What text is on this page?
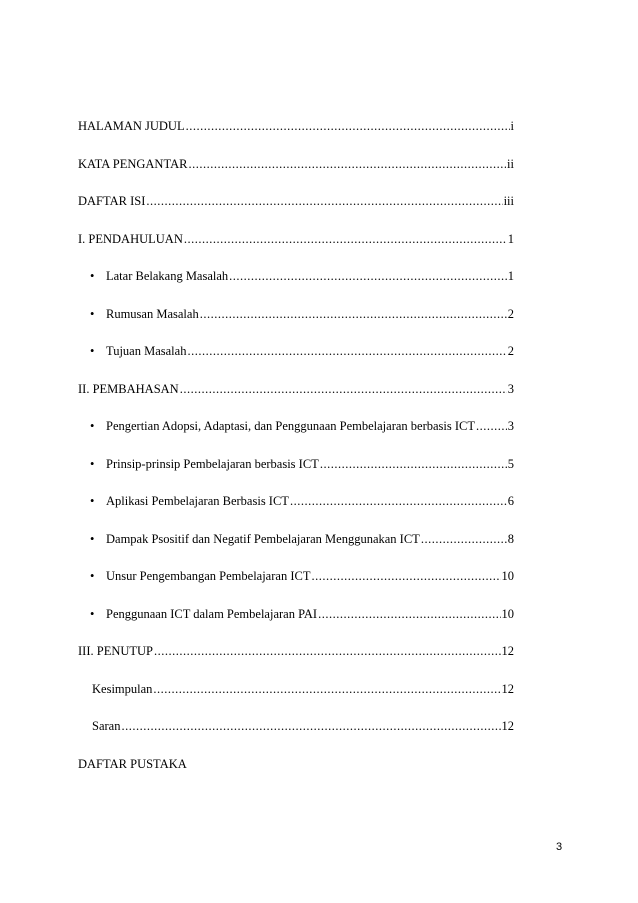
HALAMAN JUDUL .....	i
KATA PENGANTAR .....	ii
DAFTAR ISI .....	iii
I. PENDAHULUAN .....	1
• Latar Belakang Masalah .....	1
• Rumusan Masalah .....	2
• Tujuan Masalah .....	2
II. PEMBAHASAN .....	3
• Pengertian Adopsi, Adaptasi, dan Penggunaan Pembelajaran berbasis ICT .....	3
• Prinsip-prinsip Pembelajaran berbasis ICT .....	5
• Aplikasi Pembelajaran Berbasis ICT .....	6
• Dampak Psositif dan Negatif Pembelajaran Menggunakan ICT .....	8
• Unsur Pengembangan Pembelajaran ICT .....	10
• Penggunaan ICT dalam Pembelajaran PAI .....	10
III. PENUTUP .....	12
Kesimpulan .....	12
Saran .....	12
DAFTAR PUSTAKA
3
